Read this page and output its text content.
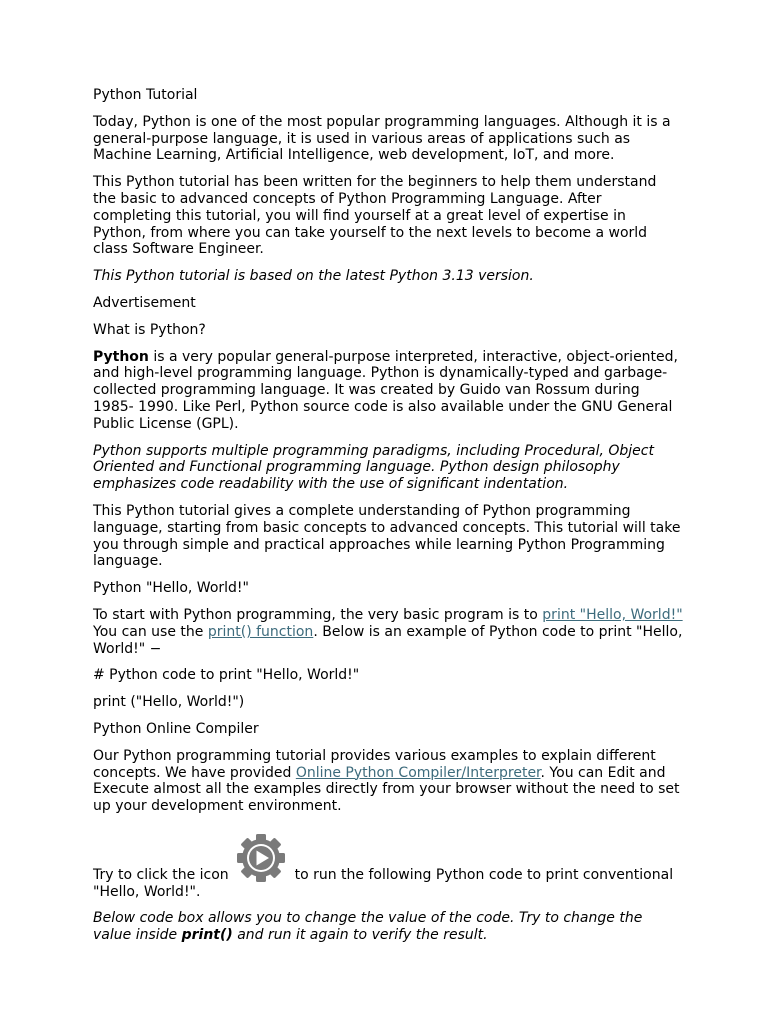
Python Tutorial

Today, Python is one of the most popular programming languages. Although it is a general-purpose language, it is used in various areas of applications such as Machine Learning, Artificial Intelligence, web development, IoT, and more.

This Python tutorial has been written for the beginners to help them understand the basic to advanced concepts of Python Programming Language. After completing this tutorial, you will find yourself at a great level of expertise in Python, from where you can take yourself to the next levels to become a world class Software Engineer.

This Python tutorial is based on the latest Python 3.13 version.

Advertisement

What is Python?

Python is a very popular general-purpose interpreted, interactive, object-oriented, and high-level programming language. Python is dynamically-typed and garbage-collected programming language. It was created by Guido van Rossum during 1985- 1990. Like Perl, Python source code is also available under the GNU General Public License (GPL).

Python supports multiple programming paradigms, including Procedural, Object Oriented and Functional programming language. Python design philosophy emphasizes code readability with the use of significant indentation.

This Python tutorial gives a complete understanding of Python programming language, starting from basic concepts to advanced concepts. This tutorial will take you through simple and practical approaches while learning Python Programming language.

Python "Hello, World!"

To start with Python programming, the very basic program is to print "Hello, World!" You can use the print() function. Below is an example of Python code to print "Hello, World!" −

# Python code to print "Hello, World!"

print ("Hello, World!")

Python Online Compiler

Our Python programming tutorial provides various examples to explain different concepts. We have provided Online Python Compiler/Interpreter. You can Edit and Execute almost all the examples directly from your browser without the need to set up your development environment.

Try to click the icon	to run the following Python code to print conventional "Hello, World!".

Below code box allows you to change the value of the code. Try to change the value inside print() and run it again to verify the result.
